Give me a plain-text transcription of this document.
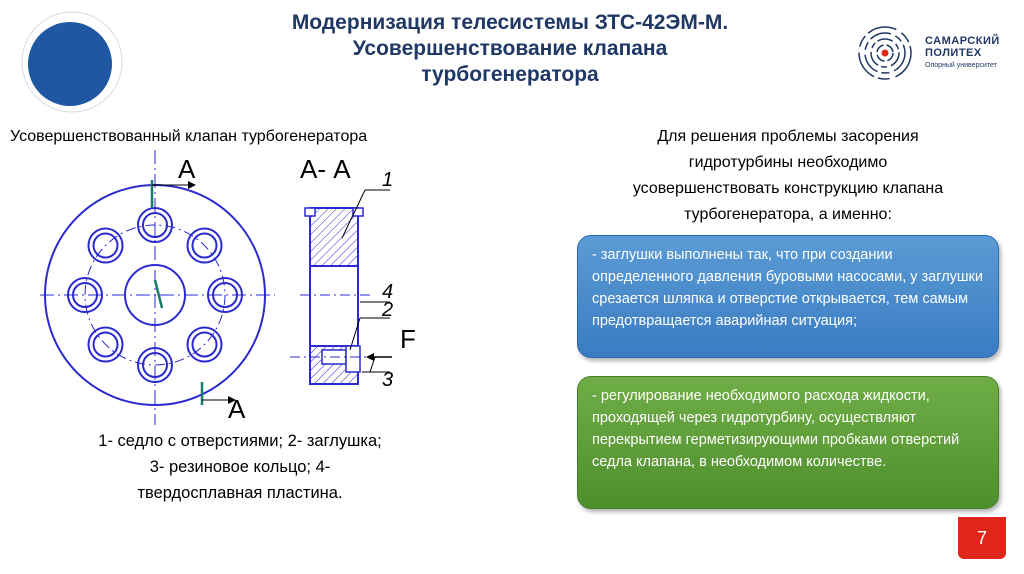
Модернизация телесистемы ЗТС-42ЭМ-М.
Усовершенствование клапана
турбогенератора
САМАРСКИЙ
ПОЛИТЕХ
Опорный университет
Усовершенствованный клапан турбогенератора
А
А
А- А 1
4
2
3
F
1- седло с отверстиями; 2- заглушка;
3- резиновое кольцо; 4-
твердосплавная пластина.
Для решения проблемы засорения
гидротурбины необходимо
усовершенствовать конструкцию клапана
турбогенератора, а именно:
- заглушки выполнены так, что при создании определенного давления буровыми насосами, у заглушки срезается шляпка и отверстие открывается, тем самым предотвращается аварийная ситуация;
- регулирование необходимого расхода жидкости, проходящей через гидротурбину, осуществляют перекрытием герметизирующими пробками отверстий седла клапана, в необходимом количестве.
7
